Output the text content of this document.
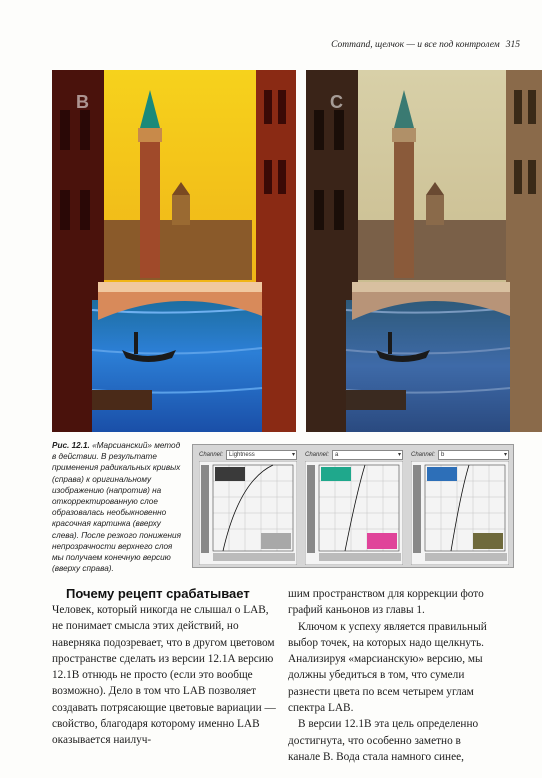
Command, щелчок — и все под контролем 315
B	C
Рис. 12.1. «Марсианский» метод в действии. В результате применения радикальных кривых (справа) к оригинальному изображению (напротив) на откорректированную слое образовалась необыкновенно красочная картинка (вверху слева). После резкого понижения непрозрачности верхнего слоя мы получаем конечную версию (вверху справа).
Channel:	Lightness	▾ Channel:	a	▾ Channel:	b	▾
Почему рецепт срабатывает

Человек, который никогда не слышал о LAB, не понимает смысла этих действий, но наверняка подозревает, что в другом цветовом пространстве сделать из версии 12.1A версию 12.1B отнюдь не просто (если это вообще возможно). Дело в том что LAB позволяет создавать потрясающие цветовые вариации — свойство, благодаря которому именно LAB оказывается наилуч-

шим пространством для коррекции фото графий каньонов из главы 1.

Ключом к успеху является правильный выбор точек, на которых надо щелкнуть. Анализируя «марсианскую» версию, мы должны убедиться в том, что сумели разнести цвета по всем четырем углам спектра LAB.

В версии 12.1B эта цель определенно достигнута, что особенно заметно в канале B. Вода стала намного синее,
